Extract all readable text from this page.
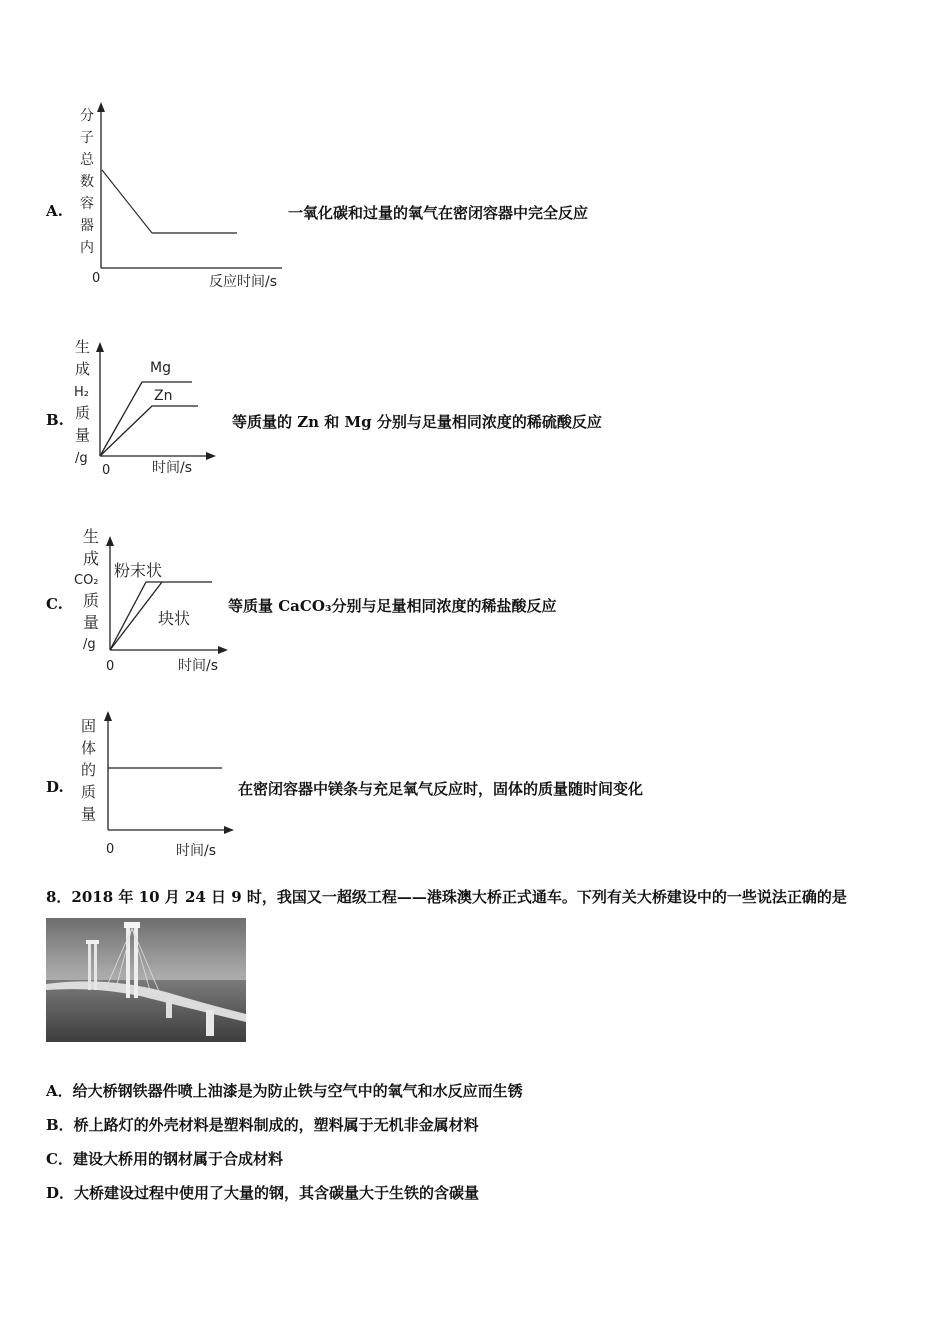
A.
分
子
总
数
容
器
内
0	反应时间/s
一氧化碳和过量的氧气在密闭容器中完全反应
B.
Mg
Zn
生
成
H₂
质
量
/g
0	时间/s
等质量的 Zn 和 Mg 分别与足量相同浓度的稀硫酸反应
C.
粉末状
块状
生
成
CO₂
质
量
/g
0	时间/s
等质量 CaCO₃分别与足量相同浓度的稀盐酸反应
D.
固
体
的
质
量
0	时间/s
在密闭容器中镁条与充足氧气反应时，固体的质量随时间变化
8．2018 年 10 月 24 日 9 时，我国又一超级工程——港珠澳大桥正式通车。下列有关大桥建设中的一些说法正确的是
A．给大桥钢铁器件喷上油漆是为防止铁与空气中的氧气和水反应而生锈
B．桥上路灯的外壳材料是塑料制成的，塑料属于无机非金属材料
C．建设大桥用的钢材属于合成材料
D．大桥建设过程中使用了大量的钢，其含碳量大于生铁的含碳量
